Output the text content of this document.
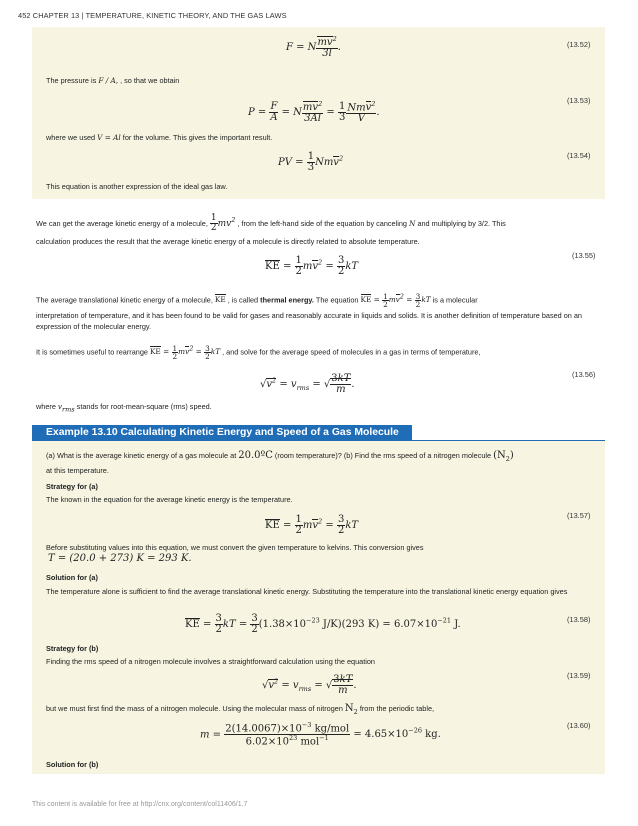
452 CHAPTER 13 | TEMPERATURE, KINETIC THEORY, AND THE GAS LAWS
(13.52)
F = N $\frac{mv^2}{3l}$ .
The pressure is F / A, , so that we obtain
(13.53)
$P = \frac{F}{A} = N \frac{mv^2}{3Al} = \frac{1}{3} \frac{Nmv^2}{V}$ .
where we used V = Al for the volume. This gives the important result.
(13.54)
PV = $\frac{1}{3} Nmv^2$
This equation is another expression of the ideal gas law.
We can get the average kinetic energy of a molecule, $\frac{1}{2} mv^2$ , from the left-hand side of the equation by canceling N and multiplying by 3/2. This
calculation produces the result that the average kinetic energy of a molecule is directly related to absolute temperature.
(13.55)
KE = $\frac{1}{2} mv^2 = \frac{3}{2}$ kT
The average translational kinetic energy of a molecule, KE , is called thermal energy. The equation KE = $\frac{1}{2} mv^2 = \frac{3}{2}$ kT is a molecular
interpretation of temperature, and it has been found to be valid for gases and reasonably accurate in liquids and solids. It is another definition of temperature based on an expression of the molecular energy.
It is sometimes useful to rearrange KE = $\frac{1}{2} mv^2 = \frac{3}{2}$ kT , and solve for the average speed of molecules in a gas in terms of temperature,
(13.56)
$√v^2 = v_{rms}$ = √ $\frac{3kT}{m}$ .
where $v_{rms}$ stands for root-mean-square (rms) speed.
Example 13.10 Calculating Kinetic Energy and Speed of a Gas Molecule
(a) What is the average kinetic energy of a gas molecule at 20.0ºC (room temperature)? (b) Find the rms speed of a nitrogen molecule $(N_2)$
at this temperature.
Strategy for (a)
The known in the equation for the average kinetic energy is the temperature.
(13.57)
KE = $\frac{1}{2} mv^2 = \frac{3}{2}$ kT
Before substituting values into this equation, we must convert the given temperature to kelvins. This conversion gives
T = (20.0 + 273) K = 293 K.
Solution for (a)
The temperature alone is sufficient to find the average translational kinetic energy. Substituting the temperature into the translational kinetic energy equation gives
(13.58)
KE = $\frac{3}{2}$ kT = $\frac{3}{2} (1.38\times 10^{-23}$ J/K)(293 $K) = 6.07\times 10^{-21}$ J.
Strategy for (b)
Finding the rms speed of a nitrogen molecule involves a straightforward calculation using the equation
(13.59)
$√v^2 = v_{rms}$ = √ $\frac{3kT}{m}$ .
but we must first find the mass of a nitrogen molecule. Using the molecular mass of nitrogen $N_2$ from the periodic table,
(13.60)
$m = \frac{2(14.0067)\times 10^{-3} kg/mol}{6.02\times 10^{23} mol^{-1}} = 4.65\times 10^{-26}$ kg.
Solution for (b)
This content is available for free at http://cnx.org/content/col11406/1.7
